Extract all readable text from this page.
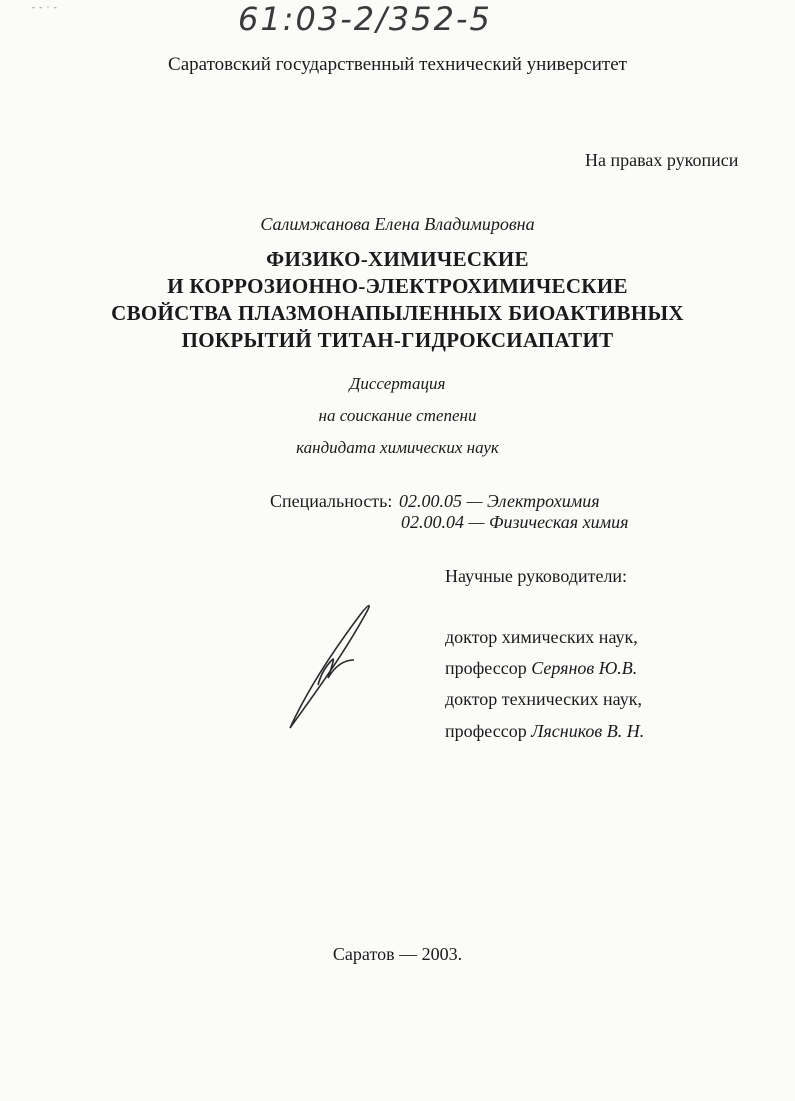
- - · -	61:03-2/352-5
Саратовский государственный технический университет
На правах рукописи
Салимжанова Елена Владимировна
ФИЗИКО-ХИМИЧЕСКИЕ
И КОРРОЗИОННО-ЭЛЕКТРОХИМИЧЕСКИЕ
СВОЙСТВА ПЛАЗМОНАПЫЛЕННЫХ БИОАКТИВНЫХ
ПОКРЫТИЙ ТИТАН-ГИДРОКСИАПАТИТ
Диссертация
на соискание степени
кандидата химических наук
Специальность: 02.00.05 — Электрохимия
02.00.04 — Физическая химия
Научные руководители:
доктор химических наук,
профессор Серянов Ю.В.
доктор технических наук,
профессор Лясников В. Н.
Саратов — 2003.
